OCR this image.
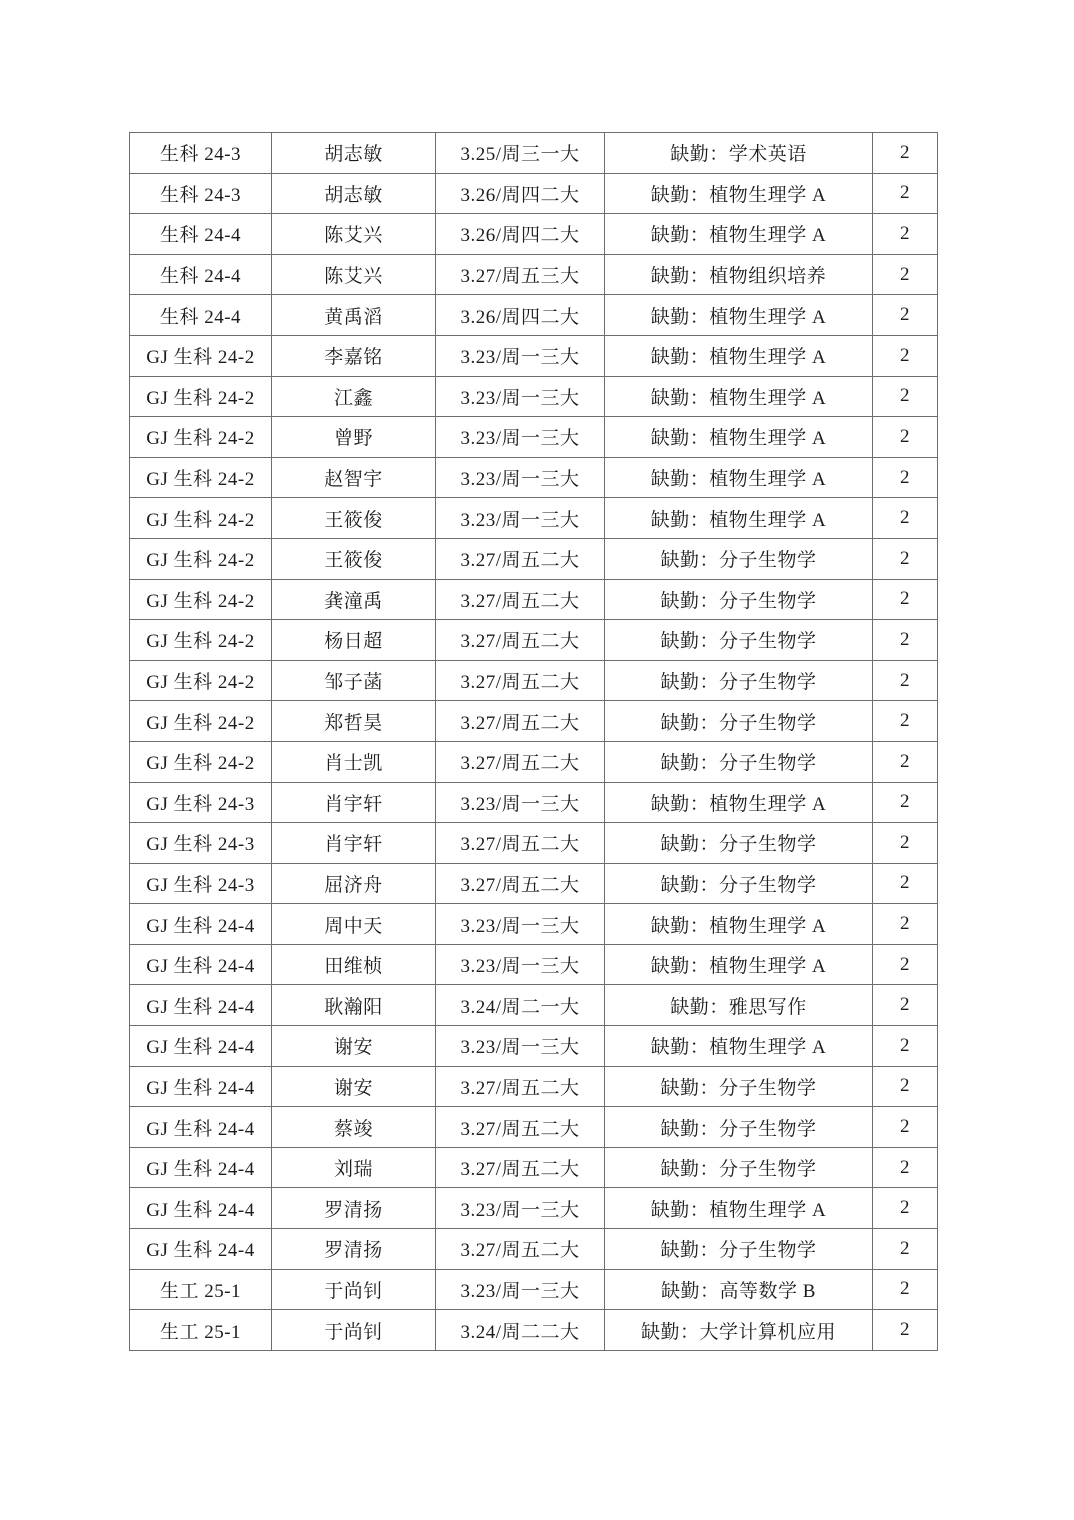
生科 24-3	胡志敏	3.25/周三一大	缺勤：学术英语	2
生科 24-3	胡志敏	3.26/周四二大	缺勤：植物生理学 A	2
生科 24-4	陈艾兴	3.26/周四二大	缺勤：植物生理学 A	2
生科 24-4	陈艾兴	3.27/周五三大	缺勤：植物组织培养	2
生科 24-4	黄禹滔	3.26/周四二大	缺勤：植物生理学 A	2
GJ 生科 24-2	李嘉铭	3.23/周一三大	缺勤：植物生理学 A	2
GJ 生科 24-2	江鑫	3.23/周一三大	缺勤：植物生理学 A	2
GJ 生科 24-2	曾野	3.23/周一三大	缺勤：植物生理学 A	2
GJ 生科 24-2	赵智宇	3.23/周一三大	缺勤：植物生理学 A	2
GJ 生科 24-2	王筱俊	3.23/周一三大	缺勤：植物生理学 A	2
GJ 生科 24-2	王筱俊	3.27/周五二大	缺勤：分子生物学	2
GJ 生科 24-2	龚潼禹	3.27/周五二大	缺勤：分子生物学	2
GJ 生科 24-2	杨日超	3.27/周五二大	缺勤：分子生物学	2
GJ 生科 24-2	邹子菡	3.27/周五二大	缺勤：分子生物学	2
GJ 生科 24-2	郑哲昊	3.27/周五二大	缺勤：分子生物学	2
GJ 生科 24-2	肖士凯	3.27/周五二大	缺勤：分子生物学	2
GJ 生科 24-3	肖宇轩	3.23/周一三大	缺勤：植物生理学 A	2
GJ 生科 24-3	肖宇轩	3.27/周五二大	缺勤：分子生物学	2
GJ 生科 24-3	屈济舟	3.27/周五二大	缺勤：分子生物学	2
GJ 生科 24-4	周中天	3.23/周一三大	缺勤：植物生理学 A	2
GJ 生科 24-4	田维桢	3.23/周一三大	缺勤：植物生理学 A	2
GJ 生科 24-4	耿瀚阳	3.24/周二一大	缺勤：雅思写作	2
GJ 生科 24-4	谢安	3.23/周一三大	缺勤：植物生理学 A	2
GJ 生科 24-4	谢安	3.27/周五二大	缺勤：分子生物学	2
GJ 生科 24-4	蔡竣	3.27/周五二大	缺勤：分子生物学	2
GJ 生科 24-4	刘瑞	3.27/周五二大	缺勤：分子生物学	2
GJ 生科 24-4	罗清扬	3.23/周一三大	缺勤：植物生理学 A	2
GJ 生科 24-4	罗清扬	3.27/周五二大	缺勤：分子生物学	2
生工 25-1	于尚钊	3.23/周一三大	缺勤：高等数学 B	2
生工 25-1	于尚钊	3.24/周二二大	缺勤：大学计算机应用	2
